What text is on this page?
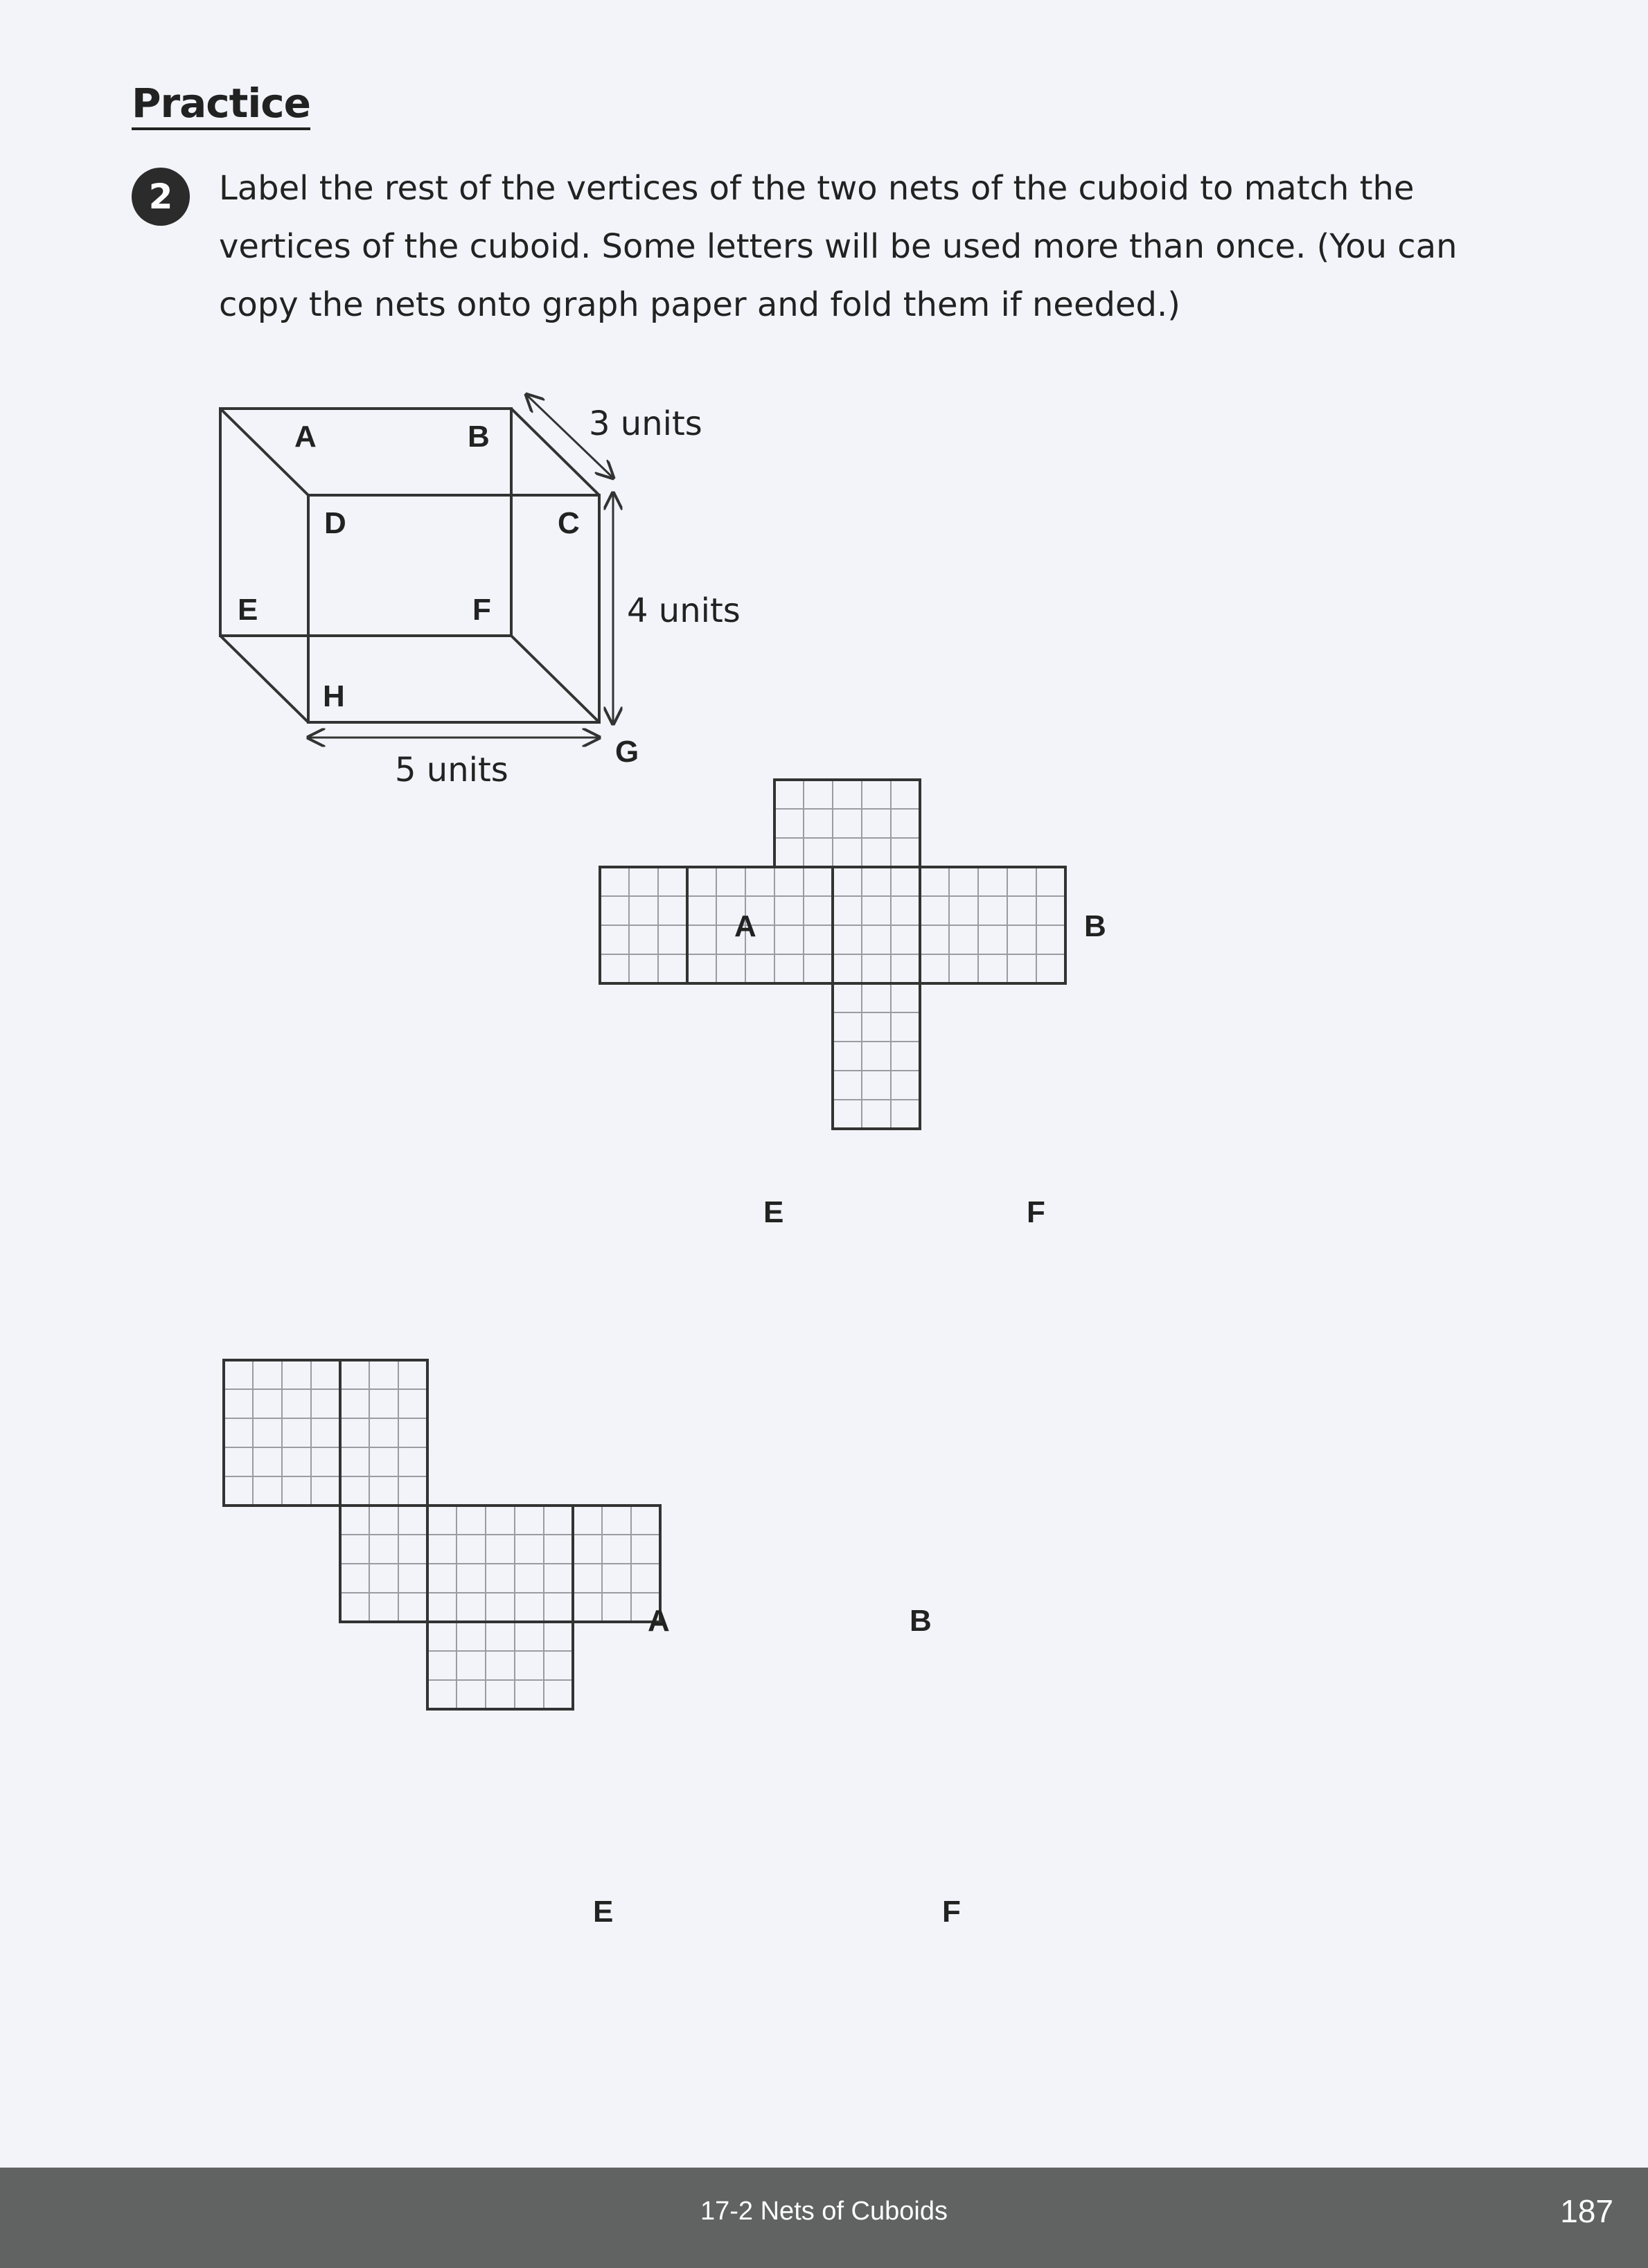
Practice
2	Label the rest of the vertices of the two nets of the cuboid to match the vertices of the cuboid. Some letters will be used more than once. (You can copy the nets onto graph paper and fold them if needed.)

3 units
4 units
5 units
A	B
C
D
E	F
G
H
A	B
E	F
A	B
E	F
17-2 Nets of Cuboids	187
